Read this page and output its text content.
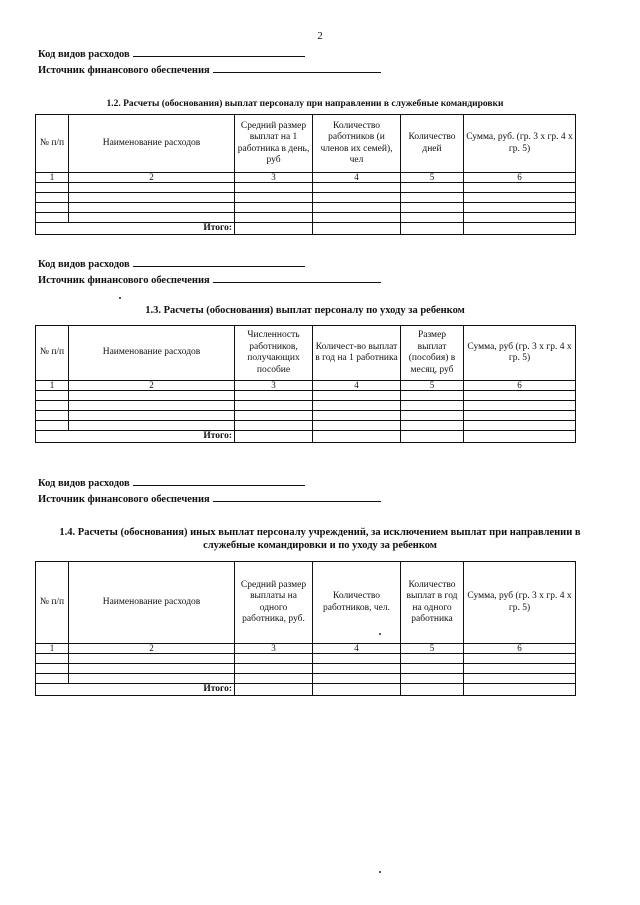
2
Код видов расходов
Источник финансового обеспечения
1.2. Расчеты (обоснования) выплат персоналу при направлении в служебные командировки
№ п/п	Наименование расходов	Средний размер выплат на 1 работника в день, руб	Количество работников (и членов их семей), чел	Количество дней	Сумма, руб. (гр. 3 x гр. 4 x гр. 5)
1	2	3	4	5	6

Итого:					
Код видов расходов
Источник финансового обеспечения
1.3. Расчеты (обоснования) выплат персоналу по уходу за ребенком
№ п/п	Наименование расходов	Численность работников, получающих пособие	Количест-во выплат в год на 1 работника	Размер выплат (пособия) в месяц, руб	Сумма, руб (гр. 3 x гр. 4 x гр. 5)
1	2	3	4	5	6

Итого:					
Код видов расходов
Источник финансового обеспечения
1.4. Расчеты (обоснования) иных выплат персоналу учреждений, за исключением выплат при направлении в
служебные командировки и по уходу за ребенком
№ п/п	Наименование расходов	Средний размер выплаты на одного работника, руб.	Количество работников, чел.	Количество выплат в год на одного работника	Сумма, руб (гр. 3 x гр. 4 x гр. 5)
1	2	3	4	5	6

Итого:					
